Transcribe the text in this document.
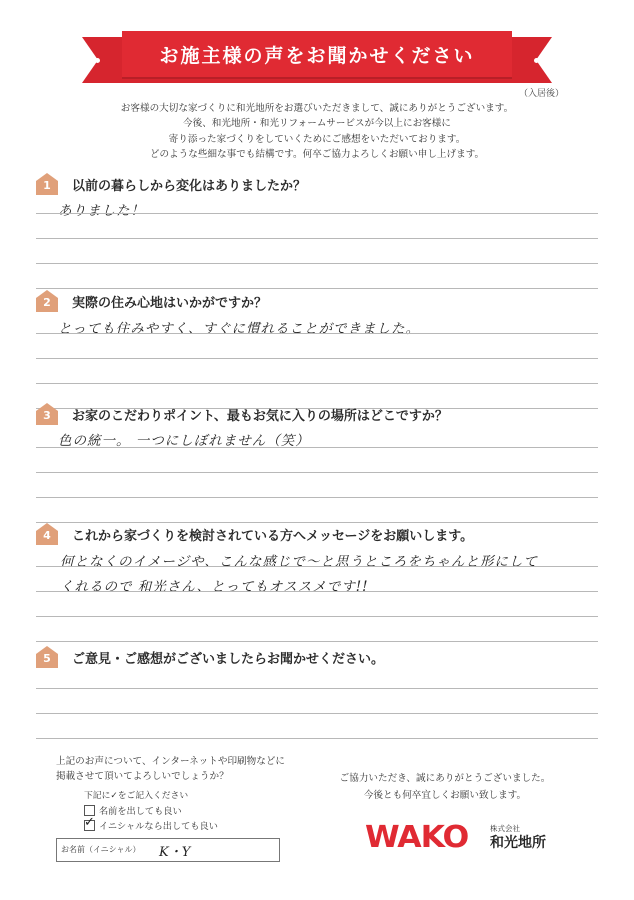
お施主様の声をお聞かせください
（入居後）
お客様の大切な家づくりに和光地所をお選びいただきまして、誠にありがとうございます。
今後、和光地所・和光リフォームサービスが今以上にお客様に
寄り添った家づくりをしていくためにご感想をいただいております。
どのような些細な事でも結構です。何卒ご協力よろしくお願い申し上げます。
1	以前の暮らしから変化はありましたか？
ありました！
2	実際の住み心地はいかがですか？
とっても住みやすく、すぐに慣れることができました。
3	お家のこだわりポイント、最もお気に入りの場所はどこですか？
色の統一。 一つにしぼれません（笑）
4	これから家づくりを検討されている方へメッセージをお願いします。
何となくのイメージや、こんな感じで〜と思うところをちゃんと形にして
くれるので 和光さん、とってもオススメです!!
5	ご意見・ご感想がございましたらお聞かせください。
上記のお声について、インターネットや印刷物などに
掲載させて頂いてよろしいでしょうか？
下記に✓をご記入ください
名前を出しても良い
✓ イニシャルなら出しても良い
お名前（イニシャル） K・Y
ご協力いただき、誠にありがとうございました。
今後とも何卒宜しくお願い致します。
WAKO	株式会社
和光地所
